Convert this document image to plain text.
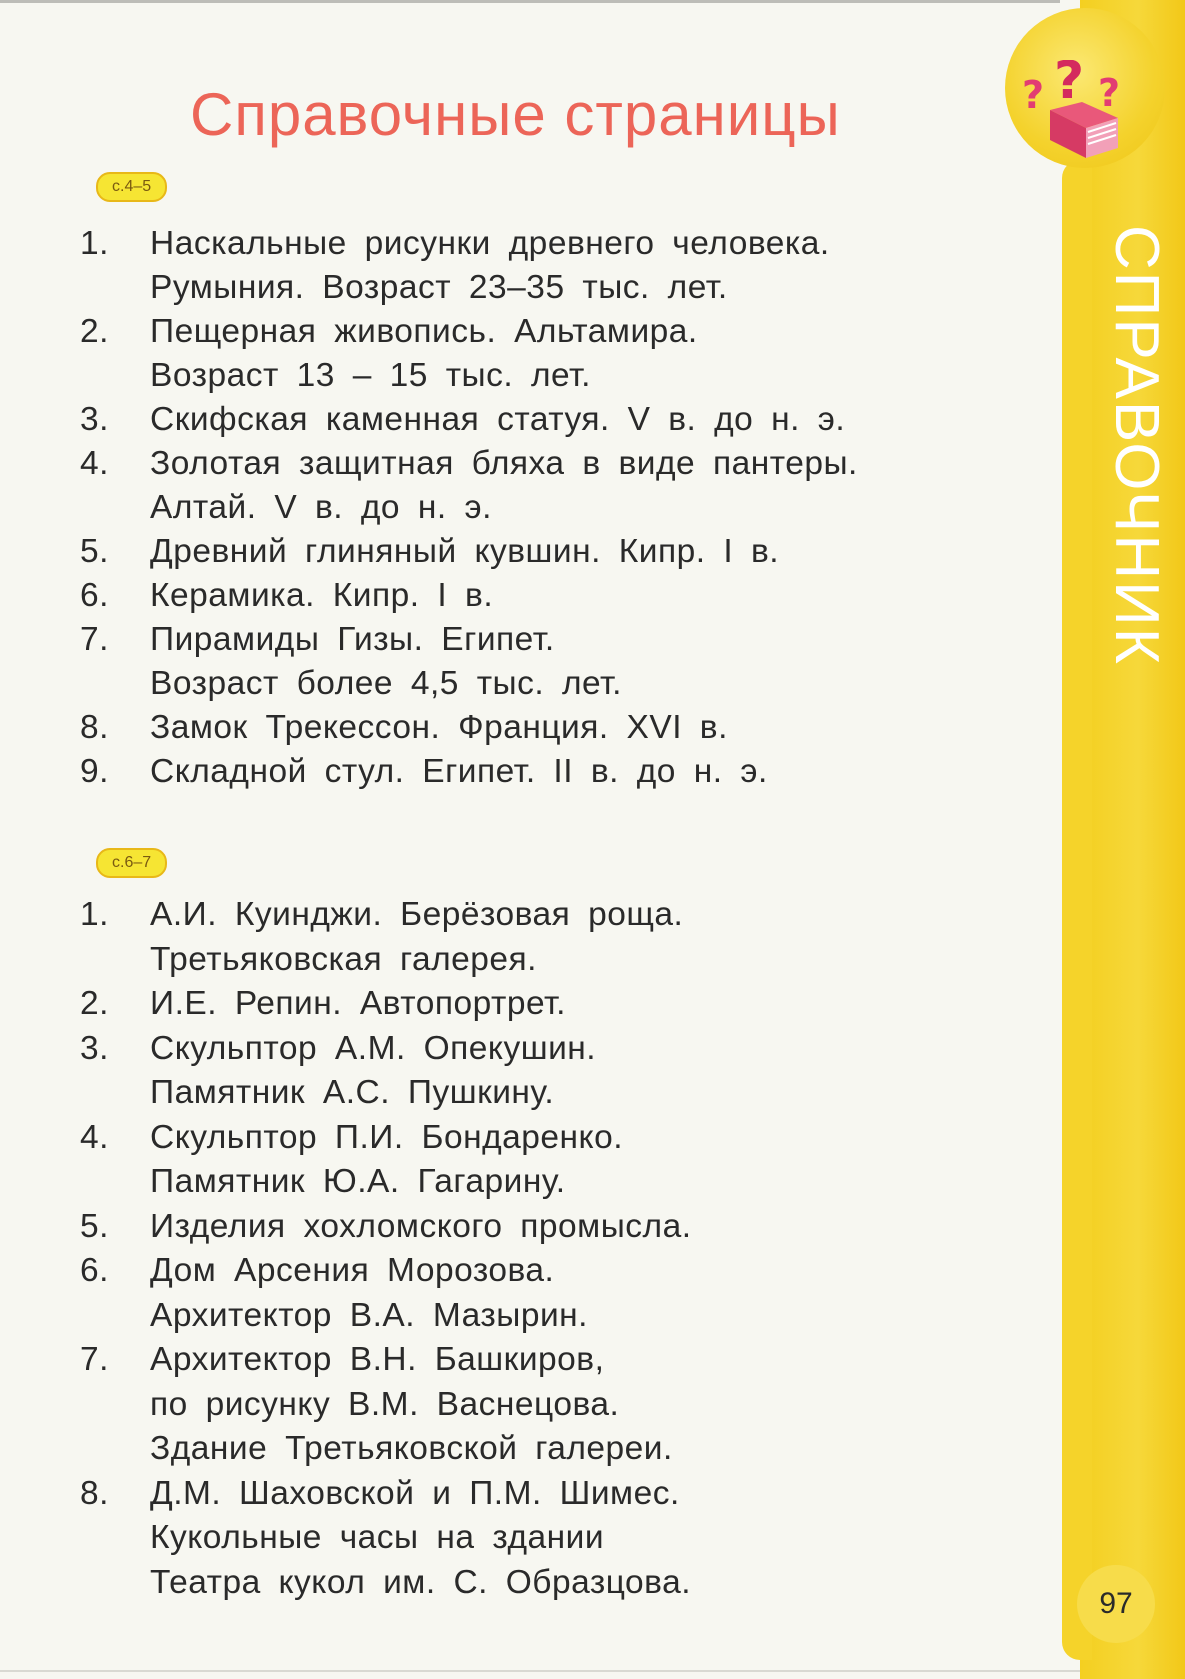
СПРАВОЧНИК
? ? ?
Справочные страницы
с.4–5
1.	Наскальные рисунки древнего человека.
Румыния. Возраст 23–35 тыс. лет.
2.	Пещерная живопись. Альтамира.
Возраст 13 – 15 тыс. лет.
3.	Скифская каменная статуя. V в. до н. э.
4.	Золотая защитная бляха в виде пантеры.
Алтай. V в. до н. э.
5.	Древний глиняный кувшин. Кипр. I в.
6.	Керамика. Кипр. I в.
7.	Пирамиды Гизы. Египет.
Возраст более 4,5 тыс. лет.
8.	Замок Трекессон. Франция. XVI в.
9.	Складной стул. Египет. II в. до н. э.
с.6–7
1.	А.И. Куинджи. Берёзовая роща.
Третьяковская галерея.
2.	И.Е. Репин. Автопортрет.
3.	Скульптор А.М. Опекушин.
Памятник А.С. Пушкину.
4.	Скульптор П.И. Бондаренко.
Памятник Ю.А. Гагарину.
5.	Изделия хохломского промысла.
6.	Дом Арсения Морозова.
Архитектор В.А. Мазырин.
7.	Архитектор В.Н. Башкиров,
по рисунку В.М. Васнецова.
Здание Третьяковской галереи.
8.	Д.М. Шаховской и П.М. Шимес.
Кукольные часы на здании
Театра кукол им. С. Образцова.
97
